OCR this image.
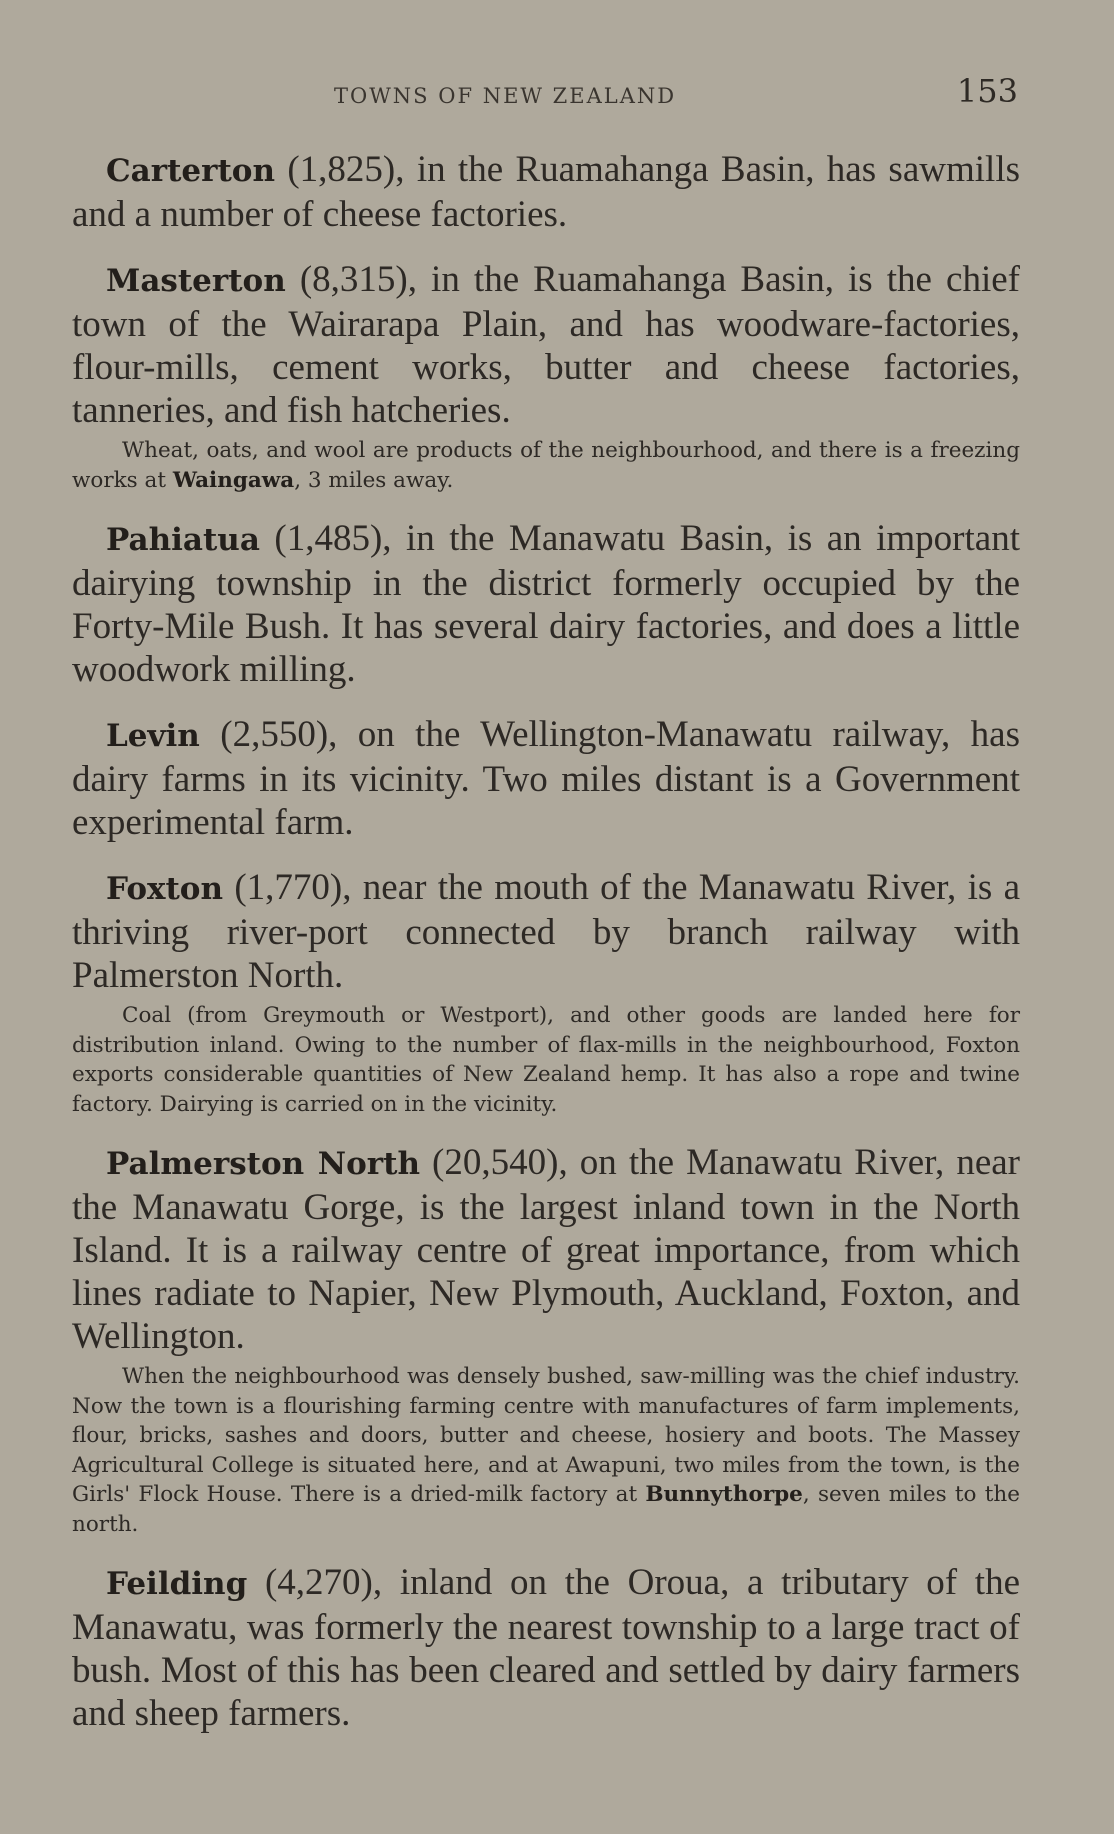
TOWNS OF NEW ZEALAND	153

Carterton (1,825), in the Ruamahanga Basin, has sawmills and a number of cheese factories.

Masterton (8,315), in the Ruamahanga Basin, is the chief town of the Wairarapa Plain, and has woodware-factories, flour-mills, cement works, butter and cheese factories, tanneries, and fish hatcheries.

Wheat, oats, and wool are products of the neighbourhood, and there is a freezing works at Waingawa, 3 miles away.

Pahiatua (1,485), in the Manawatu Basin, is an important dairying township in the district formerly occupied by the Forty-Mile Bush. It has several dairy factories, and does a little woodwork milling.

Levin (2,550), on the Wellington-Manawatu railway, has dairy farms in its vicinity. Two miles distant is a Government experimental farm.

Foxton (1,770), near the mouth of the Manawatu River, is a thriving river-port connected by branch railway with Palmerston North.

Coal (from Greymouth or Westport), and other goods are landed here for distribution inland. Owing to the number of flax-mills in the neighbourhood, Foxton exports considerable quantities of New Zealand hemp. It has also a rope and twine factory. Dairying is carried on in the vicinity.

Palmerston North (20,540), on the Manawatu River, near the Manawatu Gorge, is the largest inland town in the North Island. It is a railway centre of great importance, from which lines radiate to Napier, New Plymouth, Auckland, Foxton, and Wellington.

When the neighbourhood was densely bushed, saw-milling was the chief industry. Now the town is a flourishing farming centre with manufactures of farm implements, flour, bricks, sashes and doors, butter and cheese, hosiery and boots. The Massey Agricultural College is situated here, and at Awapuni, two miles from the town, is the Girls' Flock House. There is a dried-milk factory at Bunnythorpe, seven miles to the north.

Feilding (4,270), inland on the Oroua, a tributary of the Manawatu, was formerly the nearest township to a large tract of bush. Most of this has been cleared and settled by dairy farmers and sheep farmers.
